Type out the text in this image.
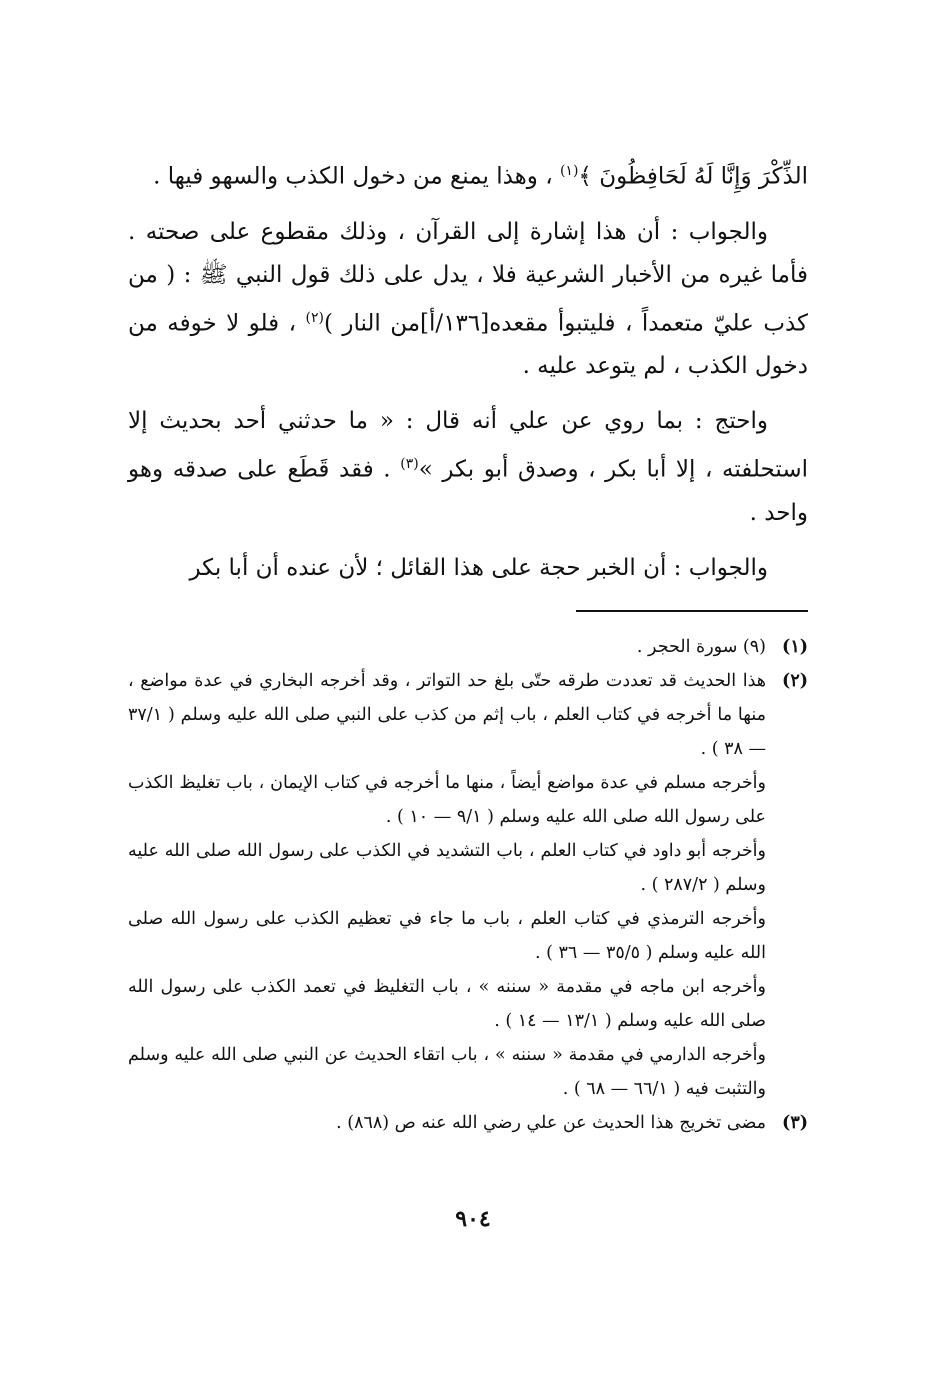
الذِّكْرَ وَإِنَّا لَهُ لَحَافِظُونَ ﴾$^{(١)}$ ، وهذا يمنع من دخول الكذب والسهو فيها .

والجواب : أن هذا إشارة إلى القرآن ، وذلك مقطوع على صحته . فأما غيره من الأخبار الشرعية فلا ، يدل على ذلك قول النبي ﷺ : ( من كذب عليّ متعمداً ، فليتبوأ مقعده[١٣٦/أ]من النار )$^{(٢)}$ ، فلو لا خوفه من دخول الكذب ، لم يتوعد عليه .

واحتج : بما روي عن علي أنه قال : « ما حدثني أحد بحديث إلا استحلفته ، إلا أبا بكر ، وصدق أبو بكر »$^{(٣)}$ . فقد قَطَع على صدقه وهو واحد .

والجواب : أن الخبر حجة على هذا القائل ؛ لأن عنده أن أبا بكر

(١)

(٩) سورة الحجر .

(٢)

هذا الحديث قد تعددت طرقه حتّى بلغ حد التواتر ، وقد أخرجه البخاري في عدة مواضع ، منها ما أخرجه في كتاب العلم ، باب إثم من كذب على النبي صلى الله عليه وسلم ( ٣٧/١ — ٣٨ ) .

وأخرجه مسلم في عدة مواضع أيضاً ، منها ما أخرجه في كتاب الإيمان ، باب تغليظ الكذب على رسول الله صلى الله عليه وسلم ( ٩/١ — ١٠ ) .

وأخرجه أبو داود في كتاب العلم ، باب التشديد في الكذب على رسول الله صلى الله عليه وسلم ( ٢٨٧/٢ ) .

وأخرجه الترمذي في كتاب العلم ، باب ما جاء في تعظيم الكذب على رسول الله صلى الله عليه وسلم ( ٣٥/٥ — ٣٦ ) .

وأخرجه ابن ماجه في مقدمة « سننه » ، باب التغليظ في تعمد الكذب على رسول الله صلى الله عليه وسلم ( ١٣/١ — ١٤ ) .

وأخرجه الدارمي في مقدمة « سننه » ، باب اتقاء الحديث عن النبي صلى الله عليه وسلم والتثبت فيه ( ٦٦/١ — ٦٨ ) .

(٣)

مضى تخريج هذا الحديث عن علي رضي الله عنه ص (٨٦٨) .

٩٠٤
